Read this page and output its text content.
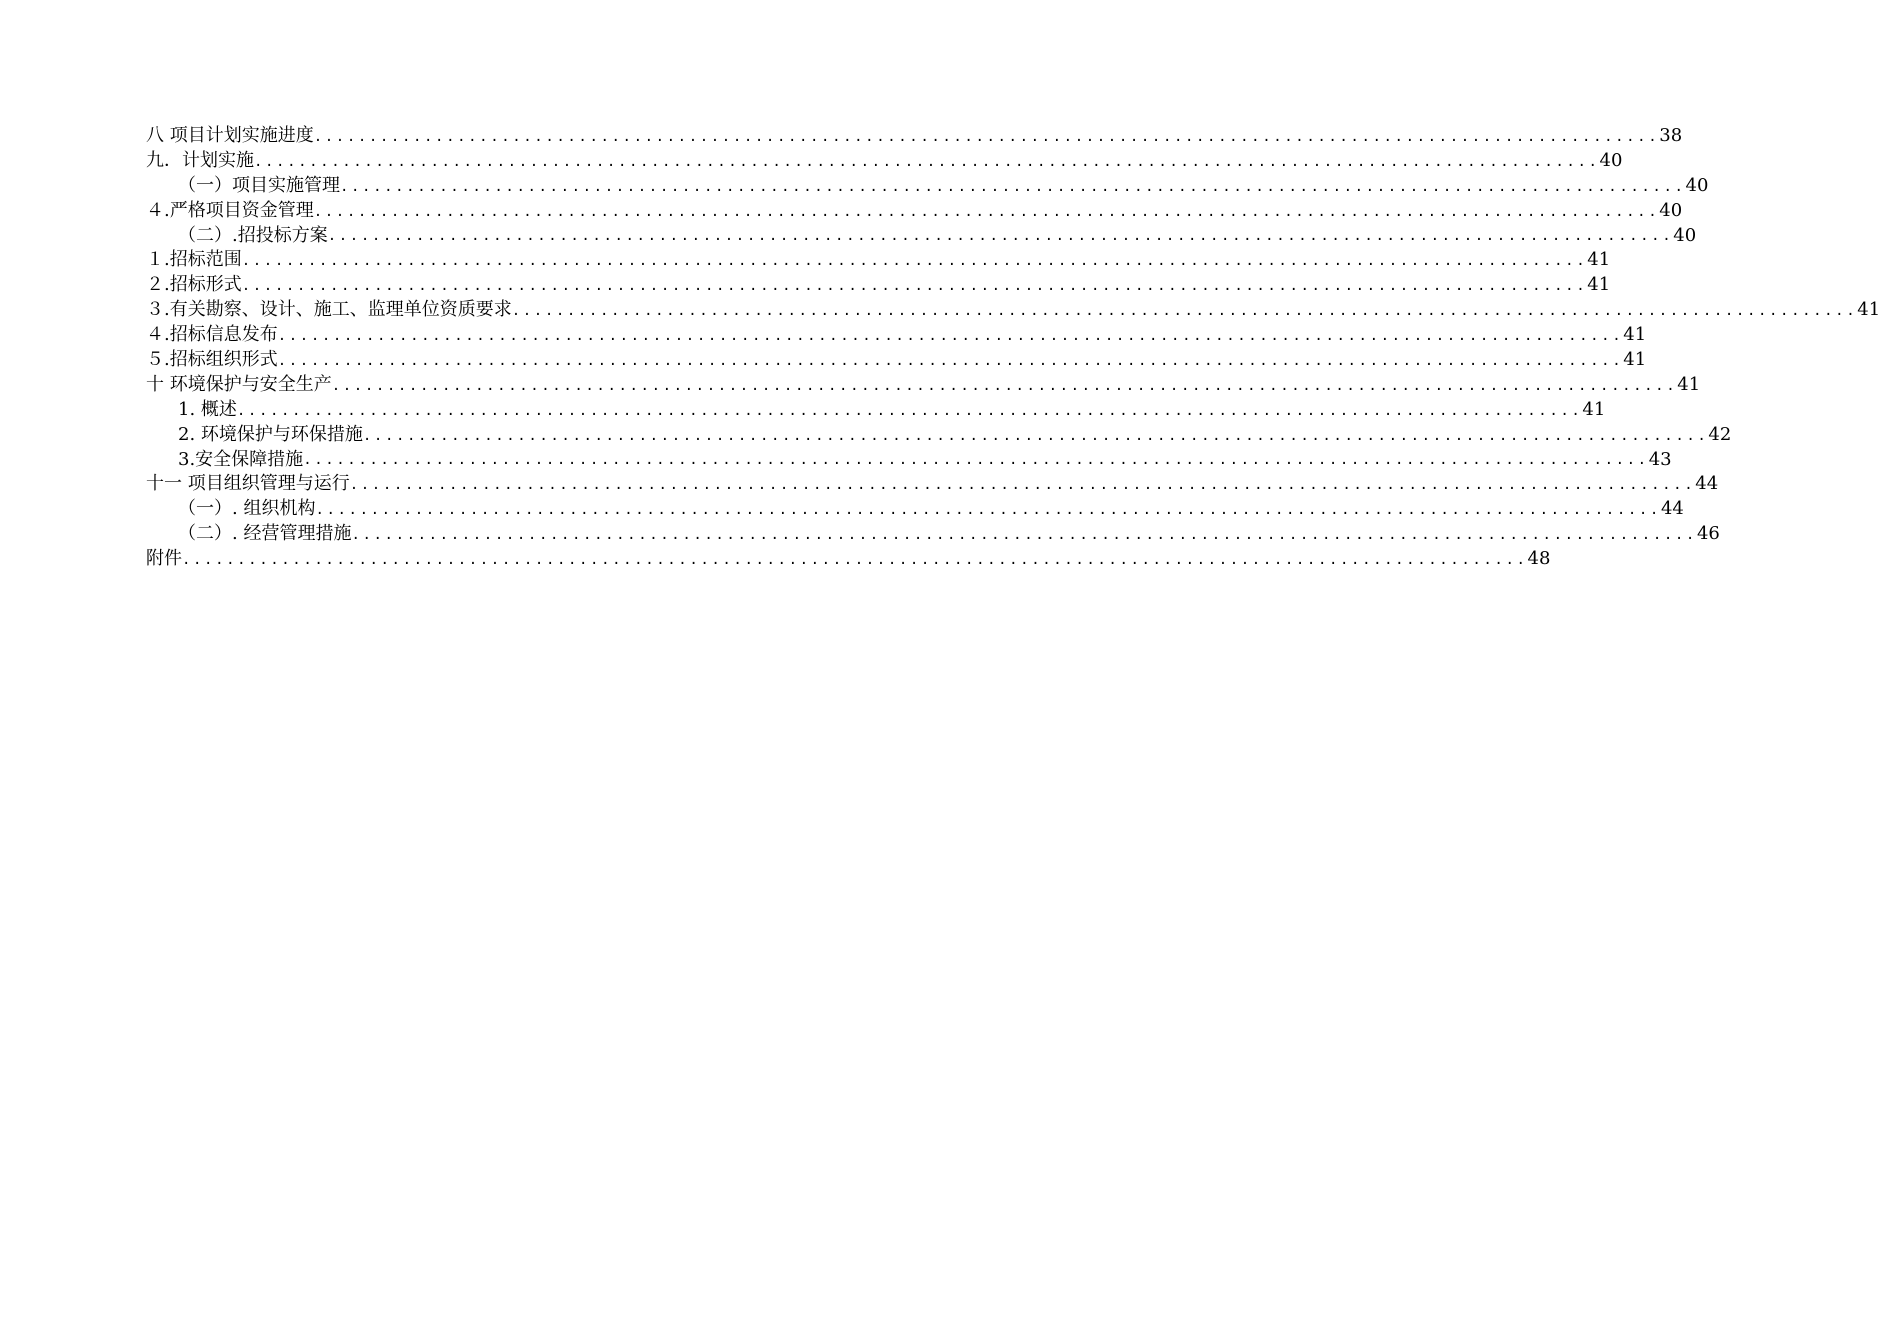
八 项目计划实施进度 .......................................................................................................................... 38
九．计划实施 .......................................................................................................................... 40
（一）项目实施管理 .......................................................................................................................... 40
４.严格项目资金管理 .......................................................................................................................... 40
（二）.招投标方案 .......................................................................................................................... 40
１.招标范围 .......................................................................................................................... 41
２.招标形式 .......................................................................................................................... 41
３.有关勘察、设计、施工、监理单位资质要求 .......................................................................................................................... 41
４.招标信息发布 .......................................................................................................................... 41
５.招标组织形式 .......................................................................................................................... 41
十 环境保护与安全生产 .......................................................................................................................... 41
1. 概述 .......................................................................................................................... 41
2. 环境保护与环保措施 .......................................................................................................................... 42
3.安全保障措施 .......................................................................................................................... 43
十一 项目组织管理与运行 .......................................................................................................................... 44
（一）. 组织机构 .......................................................................................................................... 44
（二）. 经营管理措施 .......................................................................................................................... 46
附件 .......................................................................................................................... 48
